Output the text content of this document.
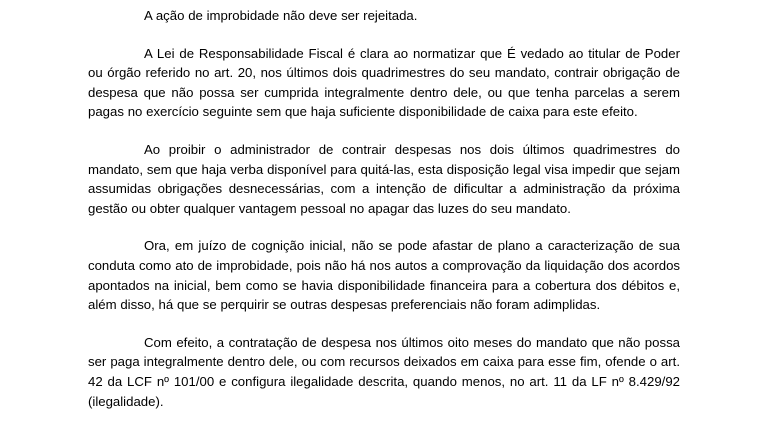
A ação de improbidade não deve ser rejeitada.

A Lei de Responsabilidade Fiscal é clara ao normatizar que É vedado ao titular de Poder ou órgão referido no art. 20, nos últimos dois quadrimestres do seu mandato, contrair obrigação de despesa que não possa ser cumprida integralmente dentro dele, ou que tenha parcelas a serem pagas no exercício seguinte sem que haja suficiente disponibilidade de caixa para este efeito.

Ao proibir o administrador de contrair despesas nos dois últimos quadrimestres do mandato, sem que haja verba disponível para quitá-las, esta disposição legal visa impedir que sejam assumidas obrigações desnecessárias, com a intenção de dificultar a administração da próxima gestão ou obter qualquer vantagem pessoal no apagar das luzes do seu mandato.

Ora, em juízo de cognição inicial, não se pode afastar de plano a caracterização de sua conduta como ato de improbidade, pois não há nos autos a comprovação da liquidação dos acordos apontados na inicial, bem como se havia disponibilidade financeira para a cobertura dos débitos e, além disso, há que se perquirir se outras despesas preferenciais não foram adimplidas.

Com efeito, a contratação de despesa nos últimos oito meses do mandato que não possa ser paga integralmente dentro dele, ou com recursos deixados em caixa para esse fim, ofende o art. 42 da LCF nº 101/00 e configura ilegalidade descrita, quando menos, no art. 11 da LF nº 8.429/92 (ilegalidade).
